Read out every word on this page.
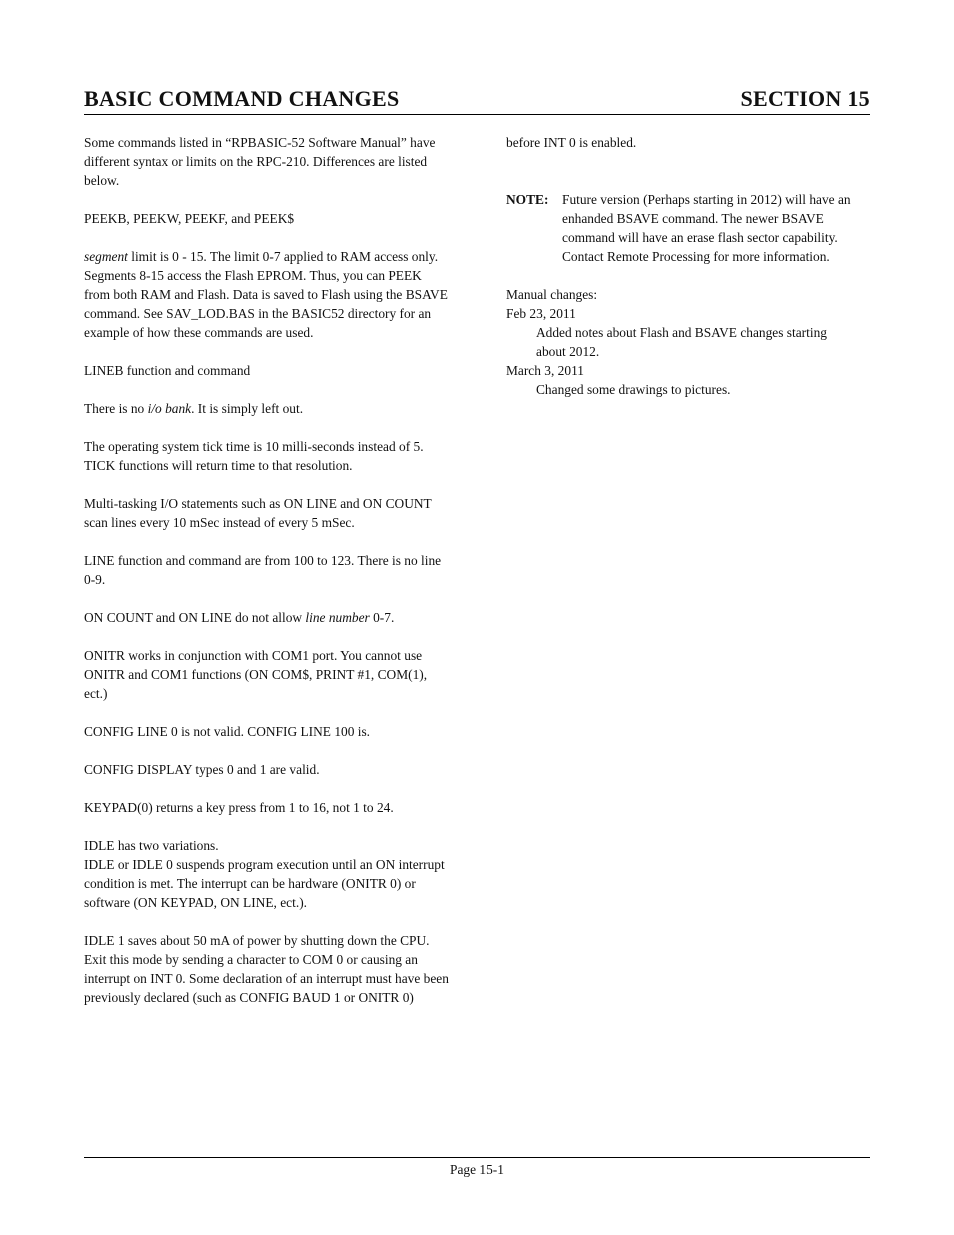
BASIC COMMAND CHANGES	SECTION 15

Some commands listed in “RPBASIC-52 Software Manual” have different syntax or limits on the RPC-210. Differences are listed below.

PEEKB, PEEKW, PEEKF, and PEEK$

segment limit is 0 - 15. The limit 0-7 applied to RAM access only. Segments 8-15 access the Flash EPROM. Thus, you can PEEK from both RAM and Flash. Data is saved to Flash using the BSAVE command. See SAV_LOD.BAS in the BASIC52 directory for an example of how these commands are used.

LINEB function and command

There is no i/o bank. It is simply left out.

The operating system tick time is 10 milli-seconds instead of 5. TICK functions will return time to that resolution.

Multi-tasking I/O statements such as ON LINE and ON COUNT scan lines every 10 mSec instead of every 5 mSec.

LINE function and command are from 100 to 123. There is no line 0-9.

ON COUNT and ON LINE do not allow line number 0-7.

ONITR works in conjunction with COM1 port. You cannot use ONITR and COM1 functions (ON COM$, PRINT #1, COM(1), ect.)

CONFIG LINE 0 is not valid. CONFIG LINE 100 is.

CONFIG DISPLAY types 0 and 1 are valid.

KEYPAD(0) returns a key press from 1 to 16, not 1 to 24.

IDLE has two variations.

IDLE or IDLE 0 suspends program execution until an ON interrupt condition is met. The interrupt can be hardware (ONITR 0) or software (ON KEYPAD, ON LINE, ect.).

IDLE 1 saves about 50 mA of power by shutting down the CPU. Exit this mode by sending a character to COM 0 or causing an interrupt on INT 0. Some declaration of an interrupt must have been previously declared (such as CONFIG BAUD 1 or ONITR 0)

before INT 0 is enabled.

NOTE:	Future version (Perhaps starting in 2012) will have an enhanded BSAVE command. The newer BSAVE command will have an erase flash sector capability. Contact Remote Processing for more information.

Manual changes:

Feb 23, 2011

Added notes about Flash and BSAVE changes starting about 2012.

March 3, 2011

Changed some drawings to pictures.
Page 15-1
